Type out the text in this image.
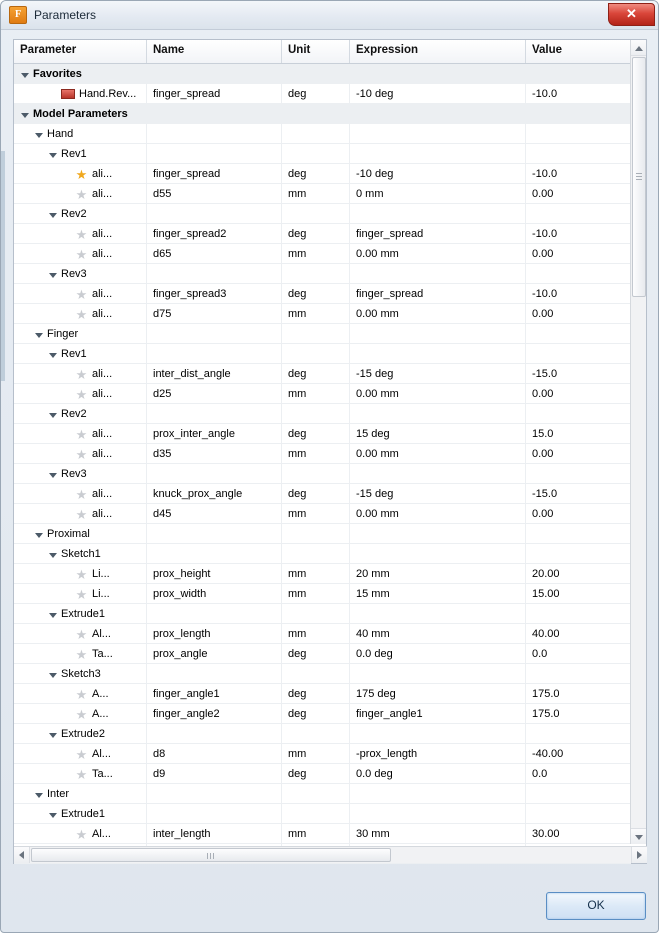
F	Parameters	✕
Parameter	Name	Unit	Expression	Value
Favorites
Hand.Rev...	finger_spread	deg	-10 deg	-10.0
Model Parameters
Hand
Rev1
★ ali...	finger_spread	deg	-10 deg	-10.0
★ ali...	d55	mm	0 mm	0.00
Rev2
★ ali...	finger_spread2	deg	finger_spread	-10.0
★ ali...	d65	mm	0.00 mm	0.00
Rev3
★ ali...	finger_spread3	deg	finger_spread	-10.0
★ ali...	d75	mm	0.00 mm	0.00
Finger
Rev1
★ ali...	inter_dist_angle	deg	-15 deg	-15.0
★ ali...	d25	mm	0.00 mm	0.00
Rev2
★ ali...	prox_inter_angle	deg	15 deg	15.0
★ ali...	d35	mm	0.00 mm	0.00
Rev3
★ ali...	knuck_prox_angle	deg	-15 deg	-15.0
★ ali...	d45	mm	0.00 mm	0.00
Proximal
Sketch1
★ Li...	prox_height	mm	20 mm	20.00
★ Li...	prox_width	mm	15 mm	15.00
Extrude1
★ Al...	prox_length	mm	40 mm	40.00
★ Ta...	prox_angle	deg	0.0 deg	0.0
Sketch3
★ A...	finger_angle1	deg	175 deg	175.0
★ A...	finger_angle2	deg	finger_angle1	175.0
Extrude2
★ Al...	d8	mm	-prox_length	-40.00
★ Ta...	d9	deg	0.0 deg	0.0
Inter
Extrude1
★ Al...	inter_length	mm	30 mm	30.00
OK
